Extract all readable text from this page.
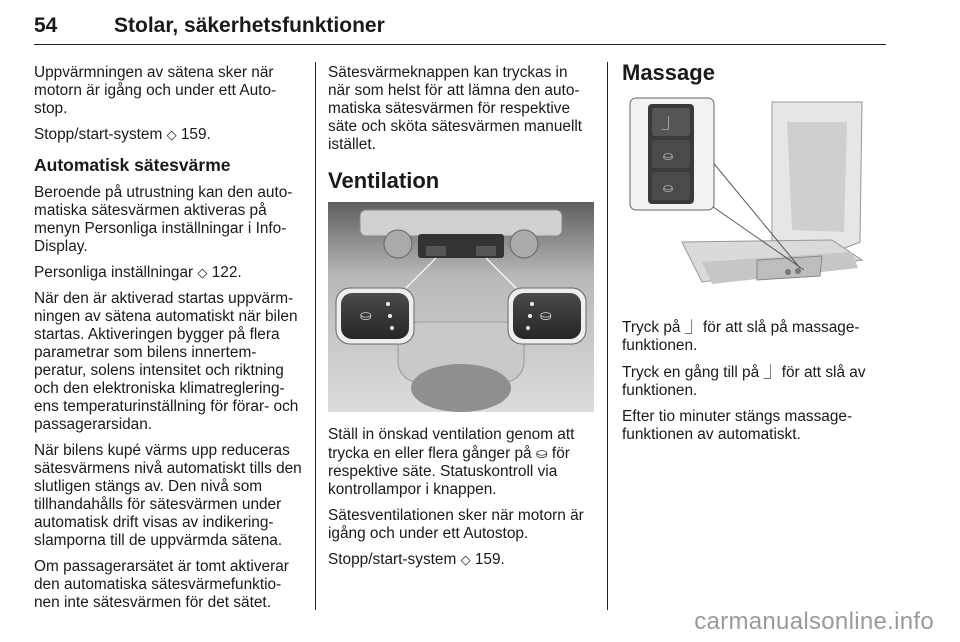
54	Stolar, säkerhetsfunktioner

Uppvärmningen av sätena sker när motorn är igång och under ett Auto-stop.

Stopp/start-system ◇ 159.

Automatisk sätesvärme

Beroende på utrustning kan den auto-matiska sätesvärmen aktiveras på menyn Personliga inställningar i Info-Display.

Personliga inställningar ◇ 122.

När den är aktiverad startas uppvärm-ningen av sätena automatiskt när bilen startas. Aktiveringen bygger på flera parametrar som bilens innertem-peratur, solens intensitet och riktning och den elektroniska klimatreglering-ens temperaturinställning för förar- och passagerarsidan.

När bilens kupé värms upp reduceras sätesvärmens nivå automatiskt tills den slutligen stängs av. Den nivå som tillhandahålls för sätesvärmen under automatisk drift visas av indikering-slamporna till de uppvärmda sätena.

Om passagerarsätet är tomt aktiverar den automatiska sätesvärmefunktio-nen inte sätesvärmen för det sätet.

Sätesvärmeknappen kan tryckas in när som helst för att lämna den auto-matiska sätesvärmen för respektive säte och sköta sätesvärmen manuellt istället.

Ventilation
⛀	⛀

Ställ in önskad ventilation genom att trycka en eller flera gånger på ⛀ för respektive säte. Statuskontroll via kontrollampor i knappen.

Sätesventilationen sker när motorn är igång och under ett Autostop.

Stopp/start-system ◇ 159.

Massage
⏌
⛀
⛀

Tryck på ⏌ för att slå på massage-funktionen.

Tryck en gång till på ⏌ för att slå av funktionen.

Efter tio minuter stängs massage-funktionen av automatiskt.

carmanualsonline.info
